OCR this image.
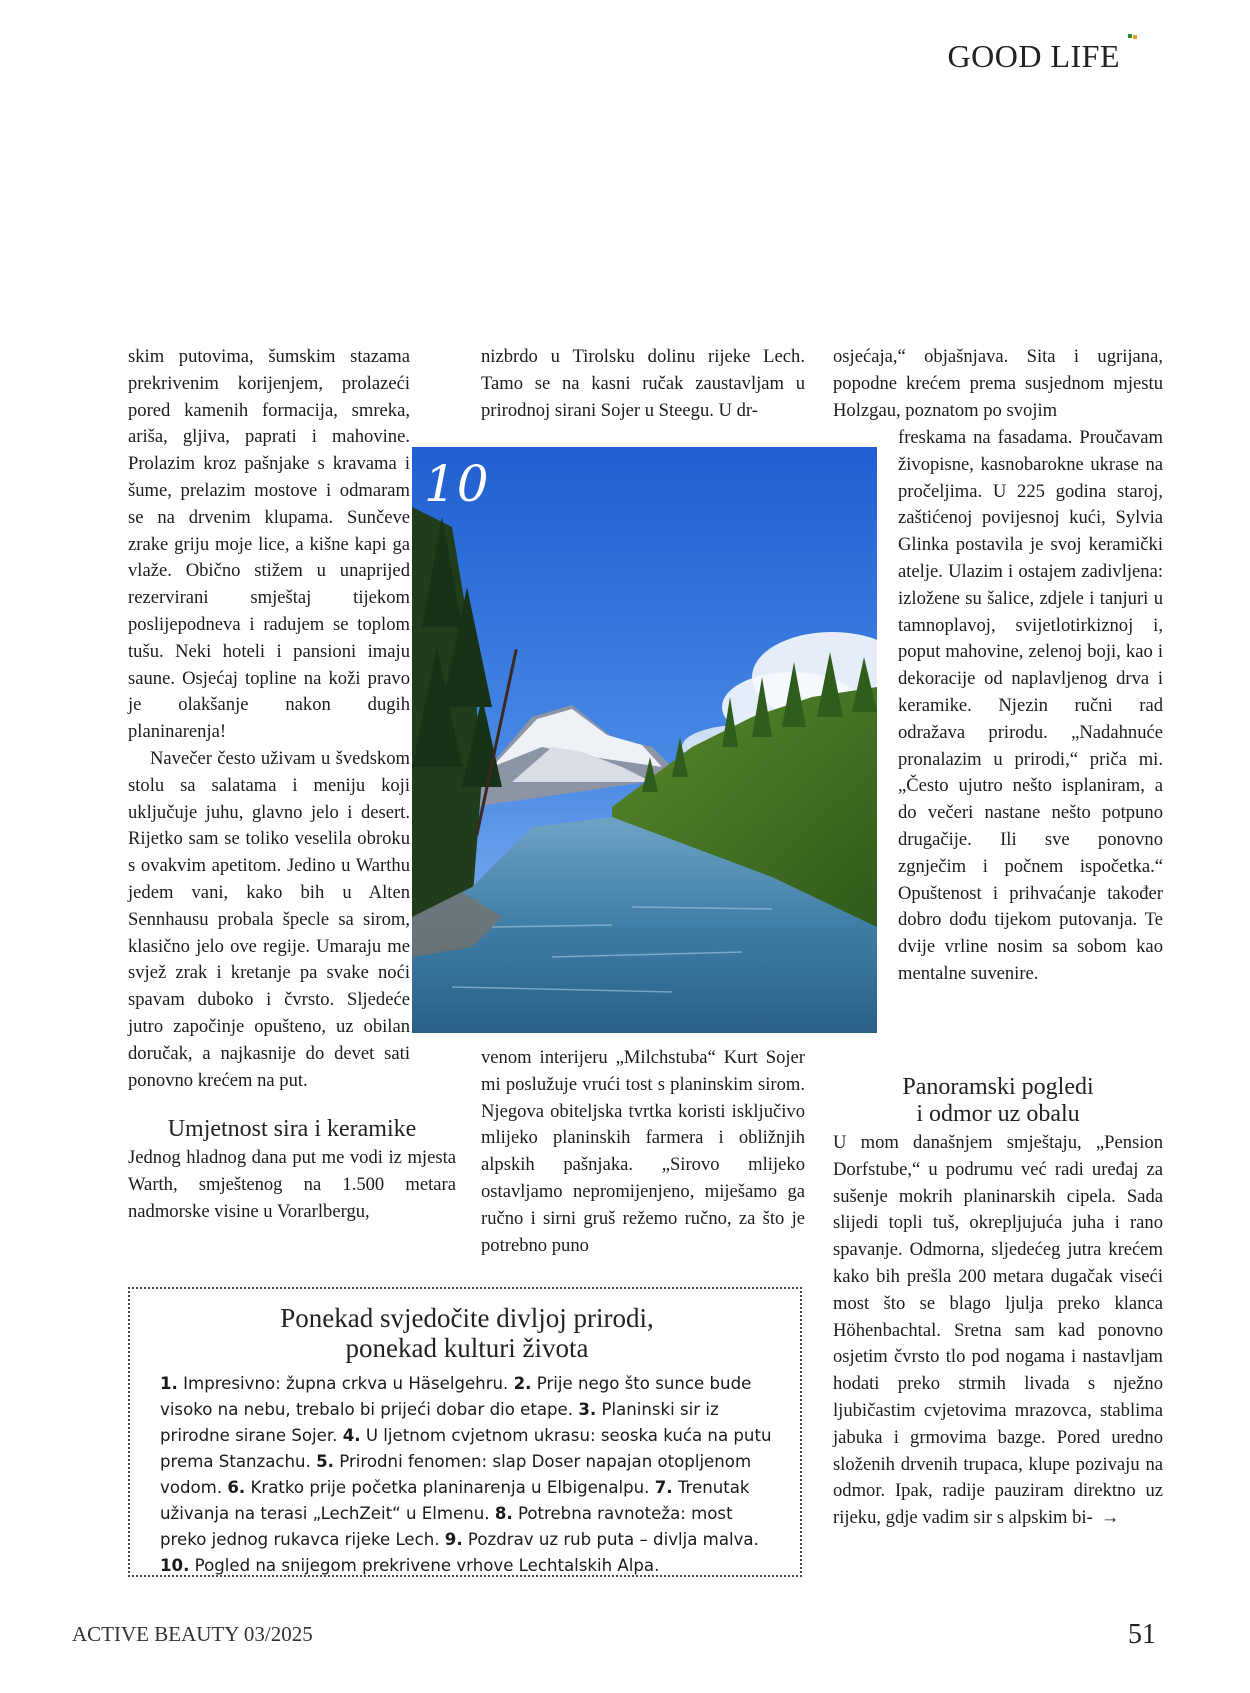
GOOD LIFE

skim putovima, šumskim stazama prekrivenim korijenjem, prolazeći pored kamenih formacija, smreka, ariša, gljiva, paprati i mahovine. Prolazim kroz pašnjake s kravama i šume, prelazim mostove i odmaram se na drvenim klupama. Sunčeve zrake griju moje lice, a kišne kapi ga vlaže. Obično stižem u unaprijed rezervirani smještaj tijekom poslijepodneva i radujem se toplom tušu. Neki hoteli i pansioni imaju saune. Osjećaj topline na koži pravo je olakšanje nakon dugih planinarenja!

Navečer često uživam u švedskom stolu sa salatama i meniju koji uključuje juhu, glavno jelo i desert. Rijetko sam se toliko veselila obroku s ovakvim apetitom. Jedino u Warthu jedem vani, kako bih u Alten Sennhausu probala špecle sa sirom, klasično jelo ove regije. Umaraju me svjež zrak i kretanje pa svake noći spavam duboko i čvrsto. Sljedeće jutro započinje opušteno, uz obilan doručak, a najkasnije do devet sati ponovno krećem na put.

Umjetnost sira i keramike

Jednog hladnog dana put me vodi iz mjesta Warth, smještenog na 1.500 metara nadmorske visine u Vorarlbergu,

nizbrdo u Tirolsku dolinu rijeke Lech. Tamo se na kasni ručak zaustavljam u prirodnoj sirani Sojer u Steegu. U dr-

venom interijeru „Milchstuba“ Kurt Sojer mi poslužuje vrući tost s planinskim sirom. Njegova obiteljska tvrtka koristi isključivo mlijeko planinskih farmera i obližnjih alpskih pašnjaka. „Sirovo mlijeko ostavljamo nepromijenjeno, miješamo ga ručno i sirni gruš režemo ručno, za što je potrebno puno

osjećaja,“ objašnjava. Sita i ugrijana, popodne krećem prema susjednom mjestu Holzgau, poznatom po svojim

freskama na fasadama. Proučavam živopisne, kasnobarokne ukrase na pročeljima. U 225 godina staroj, zaštićenoj povijesnoj kući, Sylvia Glinka postavila je svoj keramički atelje. Ulazim i ostajem zadivljena: izložene su šalice, zdjele i tanjuri u tamnoplavoj, svijetlotirkiznoj i, poput mahovine, zelenoj boji, kao i dekoracije od naplavljenog drva i keramike. Njezin ručni rad odražava prirodu. „Nadahnuće pronalazim u prirodi,“ priča mi. „Često ujutro nešto isplaniram, a do večeri nastane nešto potpuno drugačije. Ili sve ponovno zgnječim i počnem ispočetka.“ Opuštenost i prihvaćanje također dobro dođu tijekom putovanja. Te dvije vrline nosim sa sobom kao mentalne suvenire.

Panoramski pogledi
i odmor uz obalu

U mom današnjem smještaju, „Pension Dorfstube,“ u podrumu već radi uređaj za sušenje mokrih planinarskih cipela. Sada slijedi topli tuš, okrepljujuća juha i rano spavanje. Odmorna, sljedećeg jutra krećem kako bih prešla 200 metara dugačak viseći most što se blago ljulja preko klanca Höhenbachtal. Sretna sam kad ponovno osjetim čvrsto tlo pod nogama i nastavljam hodati preko strmih livada s nježno ljubičastim cvjetovima mrazovca, stablima jabuka i grmovima bazge. Pored uredno složenih drvenih trupaca, klupe pozivaju na odmor. Ipak, radije pauziram direktno uz rijeku, gdje vadim sir s alpskim bi- →

10
Ponekad svjedočite divljoj prirodi,
ponekad kulturi života

1. Impresivno: župna crkva u Häselgehru. 2. Prije nego što sunce bude visoko na nebu, trebalo bi prijeći dobar dio etape. 3. Planinski sir iz prirodne sirane Sojer. 4. U ljetnom cvjetnom ukrasu: seoska kuća na putu prema Stanzachu. 5. Prirodni fenomen: slap Doser napajan otopljenom vodom. 6. Kratko prije početka planinarenja u Elbigenalpu. 7. Trenutak uživanja na terasi „LechZeit“ u Elmenu. 8. Potrebna ravnoteža: most preko jednog rukavca rijeke Lech. 9. Pozdrav uz rub puta – divlja malva. 10. Pogled na snijegom prekrivene vrhove Lechtalskih Alpa.

ACTIVE BEAUTY 03/2025	51
